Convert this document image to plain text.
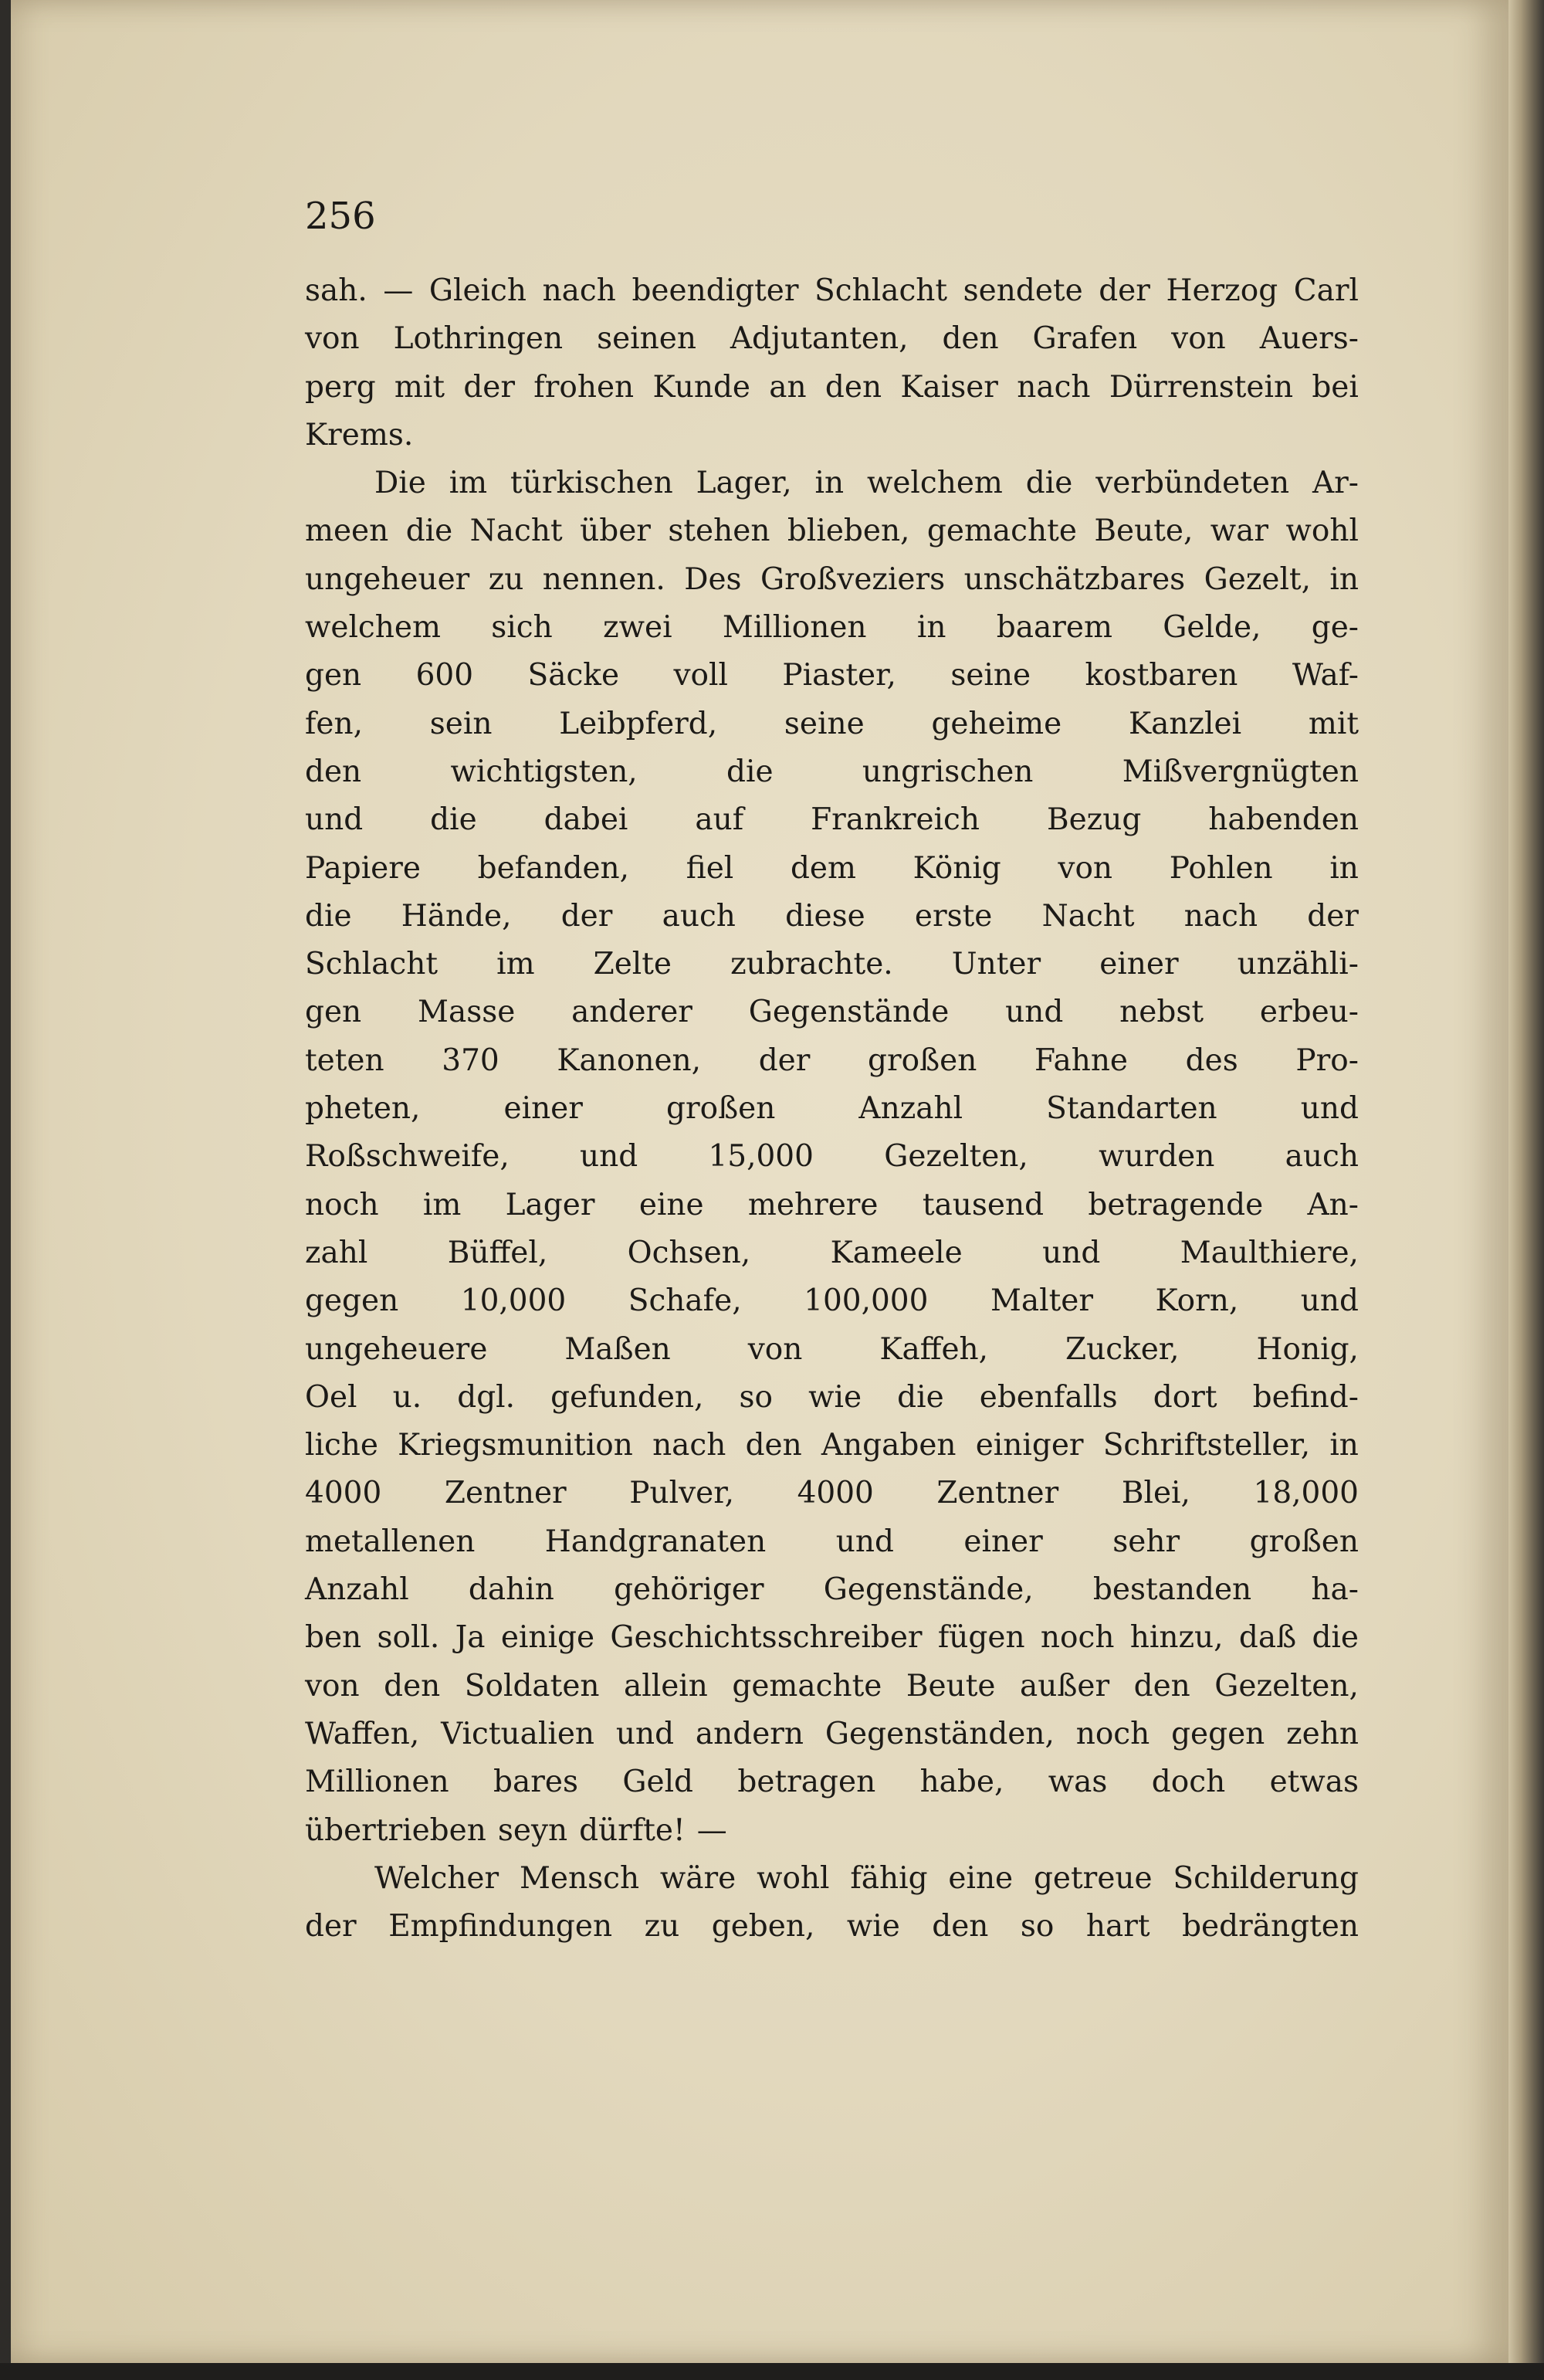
256
sah. — Gleich nach beendigter Schlacht sendete der Herzog Carl
von Lothringen seinen Adjutanten, den Grafen von Auers-
perg mit der frohen Kunde an den Kaiser nach Dürrenstein bei
Krems.
Die im türkischen Lager, in welchem die verbündeten Ar-
meen die Nacht über stehen blieben, gemachte Beute, war wohl
ungeheuer zu nennen. Des Großveziers unschätzbares Gezelt, in
welchem sich zwei Millionen in baarem Gelde, ge-
gen 600 Säcke voll Piaster, seine kostbaren Waf-
fen, sein Leibpferd, seine geheime Kanzlei mit
den	wichtigsten,	die	ungrischen	Mißvergnügten
und die dabei auf Frankreich Bezug habenden
Papiere befanden, fiel dem König von Pohlen in
die Hände, der auch diese erste Nacht nach der
Schlacht im Zelte zubrachte. Unter einer unzähli-
gen Masse anderer Gegenstände und nebst erbeu-
teten 370 Kanonen, der großen Fahne des Pro-
pheten,	einer	großen	Anzahl	Standarten	und
Roßschweife, und 15,000 Gezelten, wurden auch
noch im Lager eine mehrere tausend betragende An-
zahl	Büffel,	Ochsen,	Kameele	und	Maulthiere,
gegen 10,000 Schafe, 100,000 Malter Korn, und
ungeheuere	Maßen	von	Kaffeh,	Zucker,	Honig,
Oel u. dgl. gefunden, so wie die ebenfalls dort befind-
liche Kriegsmunition nach den Angaben einiger Schriftsteller, in
4000 Zentner Pulver, 4000 Zentner Blei, 18,000
metallenen Handgranaten und einer sehr großen
Anzahl dahin gehöriger Gegenstände, bestanden ha-
ben soll. Ja einige Geschichtsschreiber fügen noch hinzu, daß die
von den Soldaten allein gemachte Beute außer den Gezelten,
Waffen, Victualien und andern Gegenständen, noch gegen zehn
Millionen bares Geld betragen habe, was doch etwas
übertrieben seyn dürfte! —
Welcher Mensch wäre wohl fähig eine getreue Schilderung
der Empfindungen zu geben, wie den so hart bedrängten
